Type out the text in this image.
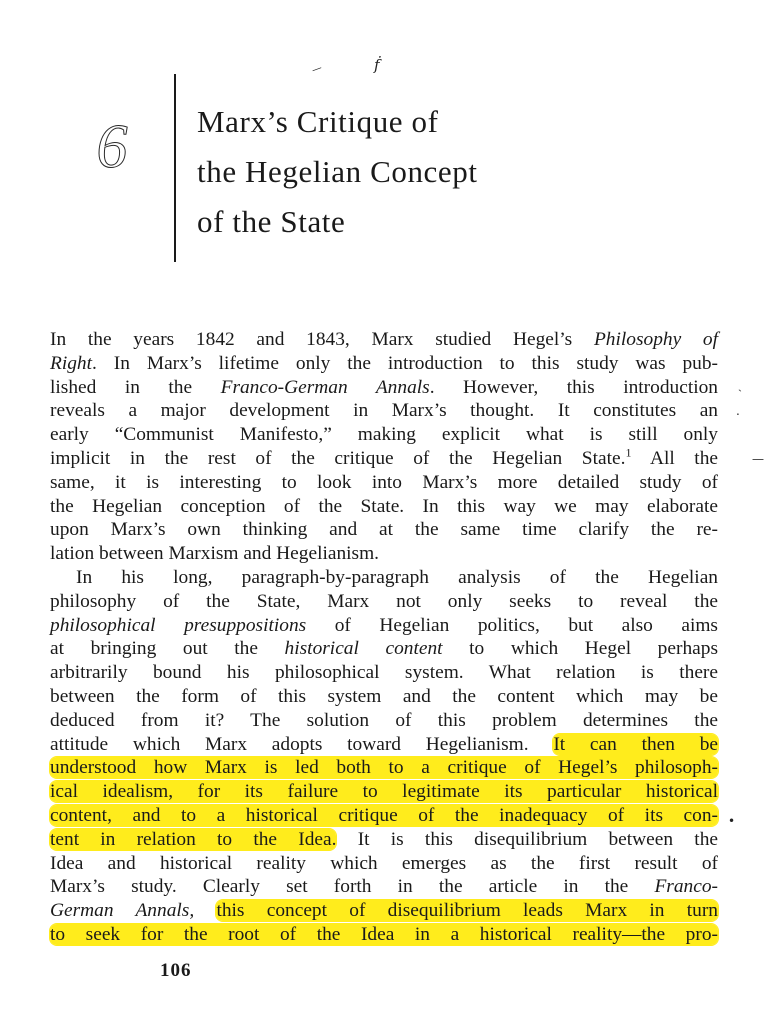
—	ḟ
ˎ
.
—
•
6	Marx’s Critique of
the Hegelian Concept
of the State
In the years 1842 and 1843, Marx studied Hegel’s Philosophy of
Right. In Marx’s lifetime only the introduction to this study was pub-
lished in the Franco-German Annals. However, this introduction
reveals a major development in Marx’s thought. It constitutes an
early “Communist Manifesto,” making explicit what is still only
implicit in the rest of the critique of the Hegelian State.$^1$ All the
same, it is interesting to look into Marx’s more detailed study of
the Hegelian conception of the State. In this way we may elaborate
upon Marx’s own thinking and at the same time clarify the re-
lation between Marxism and Hegelianism.
In his long, paragraph-by-paragraph analysis of the Hegelian
philosophy of the State, Marx not only seeks to reveal the
philosophical presuppositions of Hegelian politics, but also aims
at bringing out the historical content to which Hegel perhaps
arbitrarily bound his philosophical system. What relation is there
between the form of this system and the content which may be
deduced from it? The solution of this problem determines the
attitude which Marx adopts toward Hegelianism. It can then be
understood how Marx is led both to a critique of Hegel’s philosoph-
ical idealism, for its failure to legitimate its particular historical
content, and to a historical critique of the inadequacy of its con-
tent in relation to the Idea. It is this disequilibrium between the
Idea and historical reality which emerges as the first result of
Marx’s study. Clearly set forth in the article in the Franco-
German Annals, this concept of disequilibrium leads Marx in turn
to seek for the root of the Idea in a historical reality—the pro-
106
